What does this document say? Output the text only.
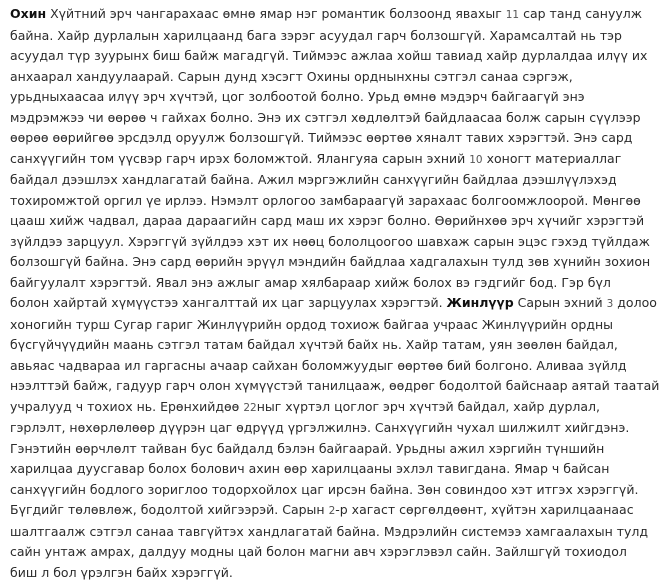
Охин Хүйтний эрч чангарахаас өмнө ямар нэг романтик болзоонд явахыг 11 сар танд сануулж
байна. Хайр дурлалын харилцаанд бага зэрэг асуудал гарч болзошгүй. Харамсалтай нь тэр
асуудал түр зуурынх биш байж магадгүй. Тиймээс ажлаа хойш тавиад хайр дурлалдаа илүү их
анхаарал хандуулаарай. Сарын дунд хэсэгт Охины орднынхны сэтгэл санаа сэргэж,
урьдныхаасаа илүү эрч хүчтэй, цог золбоотой болно. Урьд өмнө мэдэрч байгаагүй энэ
мэдрэмжээ чи өөрөө ч гайхах болно. Энэ их сэтгэл хөдлөлтэй байдлаасаа болж сарын сүүлээр
өөрөө өөрийгөө эрсдэлд оруулж болзошгүй. Тиймээс өөртөө хяналт тавих хэрэгтэй. Энэ сард
санхүүгийн том үүсвэр гарч ирэх боломжтой. Ялангуяа сарын эхний 10 хоногт материаллаг
байдал дээшлэх хандлагатай байна. Ажил мэргэжлийн санхүүгийн байдлаа дээшлүүлэхэд
тохиромжтой оргил үе ирлээ. Нэмэлт орлогоо замбараагүй зарахаас болгоомжлоорой. Мөнгөө
цааш хийж чадвал, дараа дараагийн сард маш их хэрэг болно. Өөрийнхөө эрч хүчийг хэрэгтэй
зүйлдээ зарцуул. Хэрэггүй зүйлдээ хэт их нөөц бололцоогоо шавхаж сарын эцэс гэхэд түйлдаж
болзошгүй байна. Энэ сард өөрийн эрүүл мэндийн байдлаа хадгалахын тулд зөв хүнийн зохион
байгуулалт хэрэгтэй. Явал энэ ажлыг амар хялбараар хийж болох вэ гэдгийг бод. Гэр бүл
болон хайртай хүмүүстээ хангалттай их цаг зарцуулах хэрэгтэй. Жинлүүр Сарын эхний 3 долоо
хоногийн турш Сугар гариг Жинлүүрийн ордод тохиож байгаа учраас Жинлүүрийн ордны
бүсгүйчүүдийн маань сэтгэл татам байдал хүчтэй байх нь. Хайр татам, уян зөөлөн байдал,
авьяас чадвараа ил гаргасны ачаар сайхан боломжуудыг өөртөө бий болгоно. Аливаа зүйлд
нээлттэй байж, гадуур гарч олон хүмүүстэй танилцааж, өөдрөг бодолтой байснаар аятай таатай
учралууд ч тохиох нь. Ерөнхийдөө 22ныг хүртэл цоглог эрч хүчтэй байдал, хайр дурлал,
гэрлэлт, нөхөрлөлөөр дүүрэн цаг өдрүүд үргэлжилнэ. Санхүүгийн чухал шилжилт хийгдэнэ.
Гэнэтийн өөрчлөлт тайван бус байдалд бэлэн байгаарай. Урьдны ажил хэргийн түншийн
харилцаа дуусгавар болох болович ахин өөр харилцааны эхлэл тавигдана. Ямар ч байсан
санхүүгийн бодлого зориглоо тодорхойлох цаг ирсэн байна. Зөн совиндоо хэт итгэх хэрэггүй.
Бүгдийг төлөвлөж, бодолтой хийгээрэй. Сарын 2-р хагаст сөргөлдөөнт, хүйтэн харилцаанаас
шалтгаалж сэтгэл санаа тавгүйтэх хандлагатай байна. Мэдрэлийн системээ хамгаалахын тулд
сайн унтаж амрах, далдуу модны цай болон магни авч хэрэглэвэл сайн. Зайлшгүй тохиодол
биш л бол үрэлгэн байх хэрэггүй.
